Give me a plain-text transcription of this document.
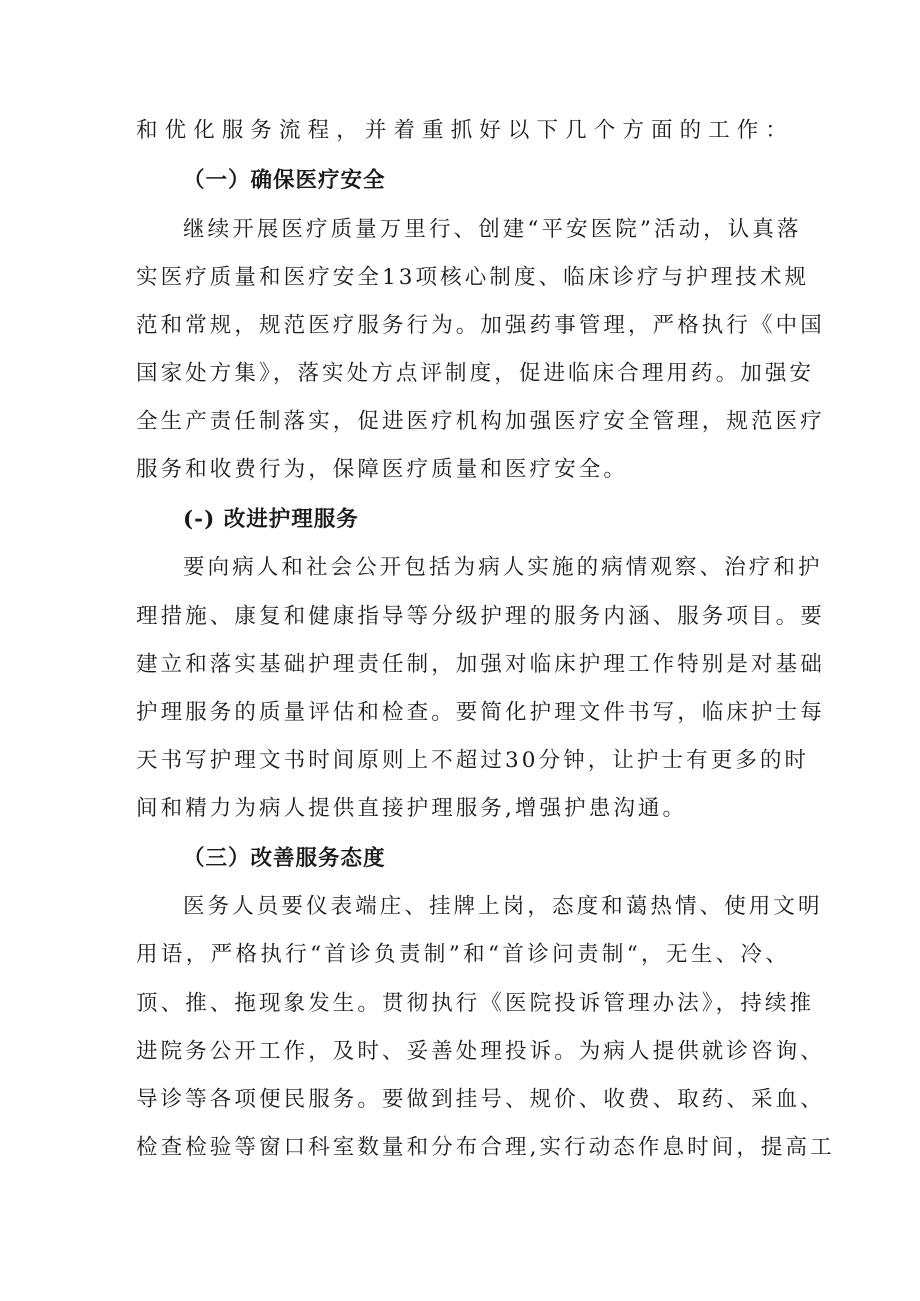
和优化服务流程，并着重抓好以下几个方面的工作：
（一）确保医疗安全
继续开展医疗质量万里行、创建“平安医院”活动，认真落
实医疗质量和医疗安全13项核心制度、临床诊疗与护理技术规
范和常规，规范医疗服务行为。加强药事管理，严格执行《中国
国家处方集》，落实处方点评制度，促进临床合理用药。加强安
全生产责任制落实，促进医疗机构加强医疗安全管理，规范医疗
服务和收费行为，保障医疗质量和医疗安全。
(-) 改进护理服务
要向病人和社会公开包括为病人实施的病情观察、治疗和护
理措施、康复和健康指导等分级护理的服务内涵、服务项目。要
建立和落实基础护理责任制，加强对临床护理工作特别是对基础
护理服务的质量评估和检查。要简化护理文件书写，临床护士每
天书写护理文书时间原则上不超过30分钟，让护士有更多的时
间和精力为病人提供直接护理服务,增强护患沟通。
（三）改善服务态度
医务人员要仪表端庄、挂牌上岗，态度和蔼热情、使用文明
用语，严格执行“首诊负责制”和“首诊问责制“，无生、冷、
顶、推、拖现象发生。贯彻执行《医院投诉管理办法》，持续推
进院务公开工作，及时、妥善处理投诉。为病人提供就诊咨询、
导诊等各项便民服务。要做到挂号、规价、收费、取药、采血、
检查检验等窗口科室数量和分布合理,实行动态作息时间，提高工
